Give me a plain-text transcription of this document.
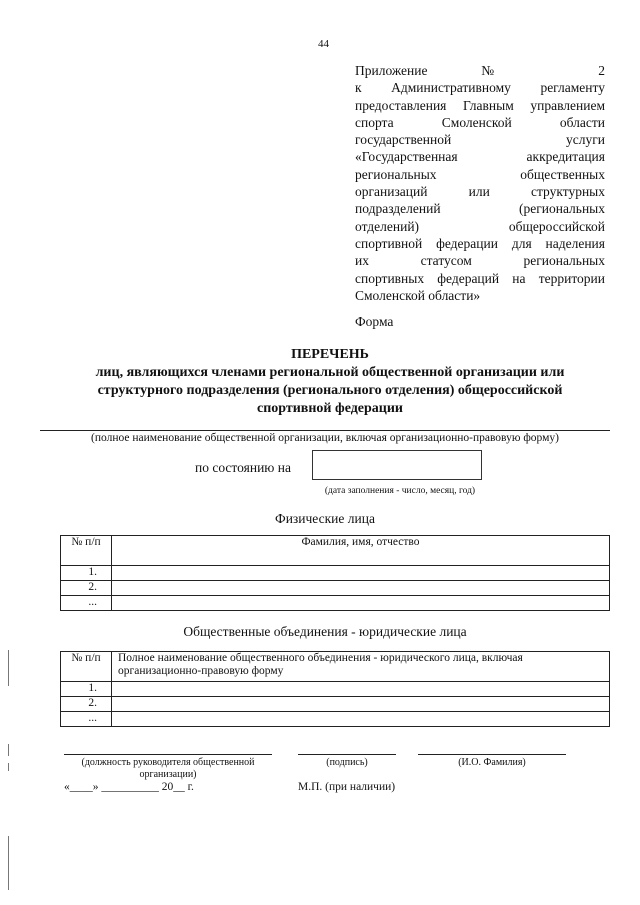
44
Приложение № 2
к Административному регламенту
предоставления Главным управлением
спорта Смоленской области
государственной услуги
«Государственная аккредитация
региональных общественных
организаций или структурных
подразделений (региональных
отделений) общероссийской
спортивной федерации для наделения
их статусом региональных
спортивных федераций на территории
Смоленской области»
Форма
ПЕРЕЧЕНЬ
лиц, являющихся членами региональной общественной организации или
структурного подразделения (регионального отделения) общероссийской
спортивной федерации
(полное наименование общественной организации, включая организационно-правовую форму)
по состоянию на
(дата заполнения - число, месяц, год)
Физические лица
№ п/п	Фамилия, имя, отчество
1.	
2.	
...	
Общественные объединения - юридические лица
№ п/п	Полное наименование общественного объединения - юридического лица, включая организационно-правовую форму
1.	
2.	
...	
(должность руководителя общественной организации)
(подпись)	(И.О. Фамилия)
«____» __________ 20__ г.	М.П. (при наличии)
